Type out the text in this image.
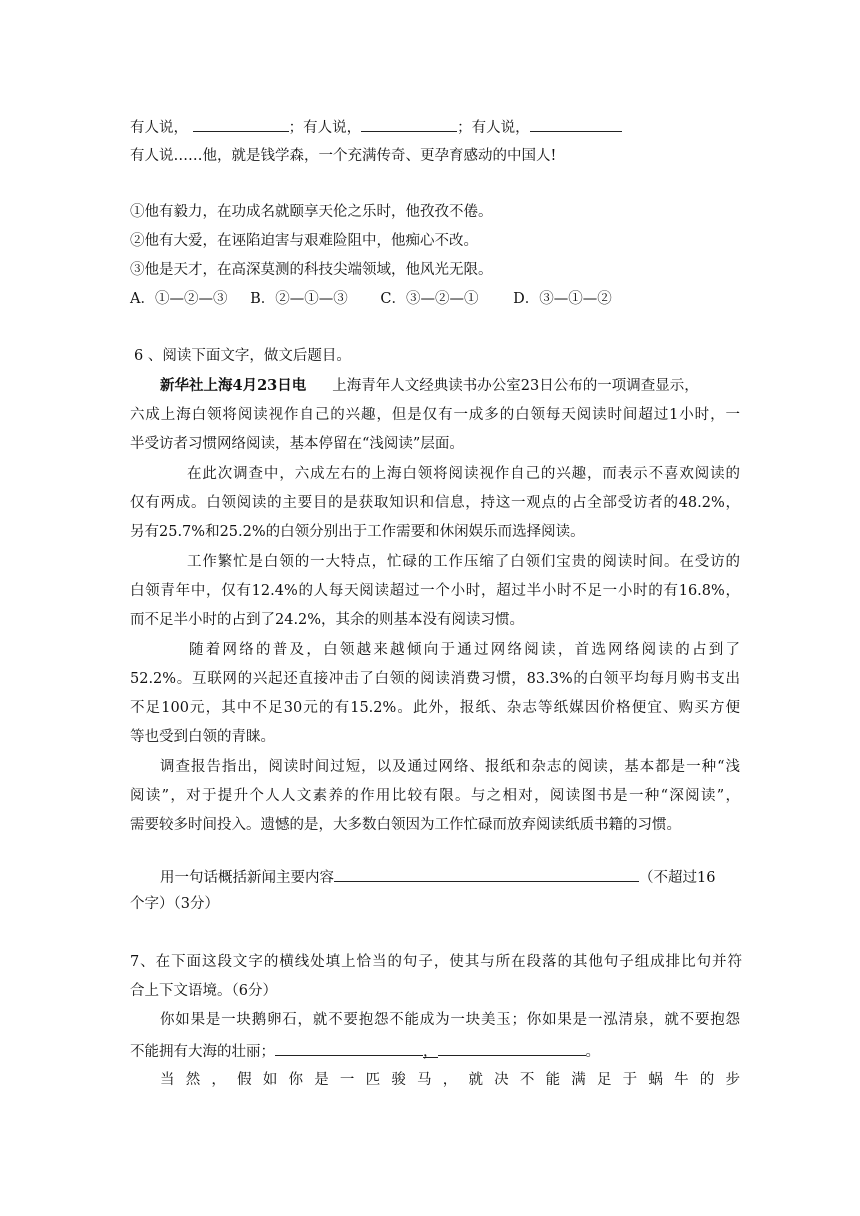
有人说，	；有人说，	；有人说，
有人说……他，就是钱学森，一个充满传奇、更孕育感动的中国人!
①他有毅力，在功成名就颐享天伦之乐时，他孜孜不倦。
②他有大爱，在诬陷迫害与艰难险阻中，他痴心不改。
③他是天才，在高深莫测的科技尖端领域，他风光无限。
A．①—②—③ B．②—①—③ C．③—②—① D．③—①—②
6 、阅读下面文字，做文后题目。
新华社上海4月23日电 上海青年人文经典读书办公室23日公布的一项调查显示，
六成上海白领将阅读视作自己的兴趣，但是仅有一成多的白领每天阅读时间超过1小时，一
半受访者习惯网络阅读，基本停留在“浅阅读”层面。
在此次调查中，六成左右的上海白领将阅读视作自己的兴趣，而表示不喜欢阅读的
仅有两成。白领阅读的主要目的是获取知识和信息，持这一观点的占全部受访者的48.2%，
另有25.7%和25.2%的白领分别出于工作需要和休闲娱乐而选择阅读。
工作繁忙是白领的一大特点，忙碌的工作压缩了白领们宝贵的阅读时间。在受访的
白领青年中，仅有12.4%的人每天阅读超过一个小时，超过半小时不足一小时的有16.8%，
而不足半小时的占到了24.2%，其余的则基本没有阅读习惯。
随着网络的普及，白领越来越倾向于通过网络阅读，首选网络阅读的占到了
52.2%。互联网的兴起还直接冲击了白领的阅读消费习惯，83.3%的白领平均每月购书支出
不足100元，其中不足30元的有15.2%。此外，报纸、杂志等纸媒因价格便宜、购买方便
等也受到白领的青睐。
调查报告指出，阅读时间过短，以及通过网络、报纸和杂志的阅读，基本都是一种“浅
阅读”，对于提升个人人文素养的作用比较有限。与之相对，阅读图书是一种“深阅读”，
需要较多时间投入。遗憾的是，大多数白领因为工作忙碌而放弃阅读纸质书籍的习惯。
用一句话概括新闻主要内容	（不超过16
个字）（3分）
7、在下面这段文字的横线处填上恰当的句子，使其与所在段落的其他句子组成排比句并符
合上下文语境。（6分）
你如果是一块鹅卵石，就不要抱怨不能成为一块美玉；你如果是一泓清泉，就不要抱怨
不能拥有大海的壮丽；	，	。
当然，假如你是一匹骏马，就决不能满足于蜗牛的步
